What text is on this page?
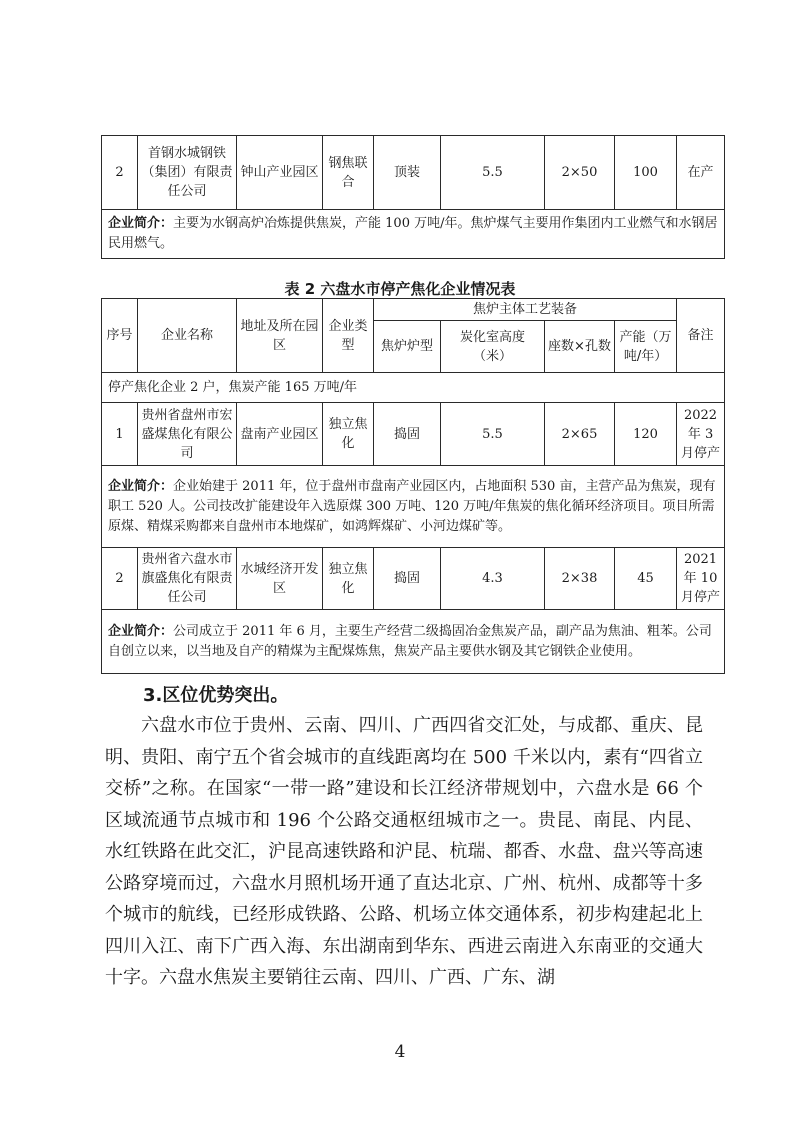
2	首钢水城钢铁（集团）有限责任公司	钟山产业园区	钢焦联合	顶装	5.5	2×50	100	在产
企业简介：主要为水钢高炉冶炼提供焦炭，产能 100 万吨/年。焦炉煤气主要用作集团内工业燃气和水钢居民用燃气。
表 2 六盘水市停产焦化企业情况表
序号	企业名称	地址及所在园区	企业类型	焦炉主体工艺装备				备注
				焦炉炉型	炭化室高度（米）	座数×孔数	产能（万吨/年）	
停产焦化企业 2 户，焦炭产能 165 万吨/年								
1	贵州省盘州市宏盛煤焦化有限公司	盘南产业园区	独立焦化	捣固	5.5	2×65	120	2022 年 3 月停产
企业简介：企业始建于 2011 年，位于盘州市盘南产业园区内，占地面积 530 亩，主营产品为焦炭，现有职工 520 人。公司技改扩能建设年入选原煤 300 万吨、120 万吨/年焦炭的焦化循环经济项目。项目所需原煤、精煤采购都来自盘州市本地煤矿，如鸿辉煤矿、小河边煤矿等。								
2	贵州省六盘水市旗盛焦化有限责任公司	水城经济开发区	独立焦化	捣固	4.3	2×38	45	2021 年 10 月停产
企业简介：公司成立于 2011 年 6 月，主要生产经营二级捣固冶金焦炭产品，副产品为焦油、粗苯。公司自创立以来，以当地及自产的精煤为主配煤炼焦，焦炭产品主要供水钢及其它钢铁企业使用。								
3.区位优势突出。

六盘水市位于贵州、云南、四川、广西四省交汇处，与成都、重庆、昆明、贵阳、南宁五个省会城市的直线距离均在 500 千米以内，素有“四省立交桥”之称。在国家“一带一路”建设和长江经济带规划中，六盘水是 66 个区域流通节点城市和 196 个公路交通枢纽城市之一。贵昆、南昆、内昆、水红铁路在此交汇，沪昆高速铁路和沪昆、杭瑞、都香、水盘、盘兴等高速公路穿境而过，六盘水月照机场开通了直达北京、广州、杭州、成都等十多个城市的航线，已经形成铁路、公路、机场立体交通体系，初步构建起北上四川入江、南下广西入海、东出湖南到华东、西进云南进入东南亚的交通大十字。六盘水焦炭主要销往云南、四川、广西、广东、湖

4
